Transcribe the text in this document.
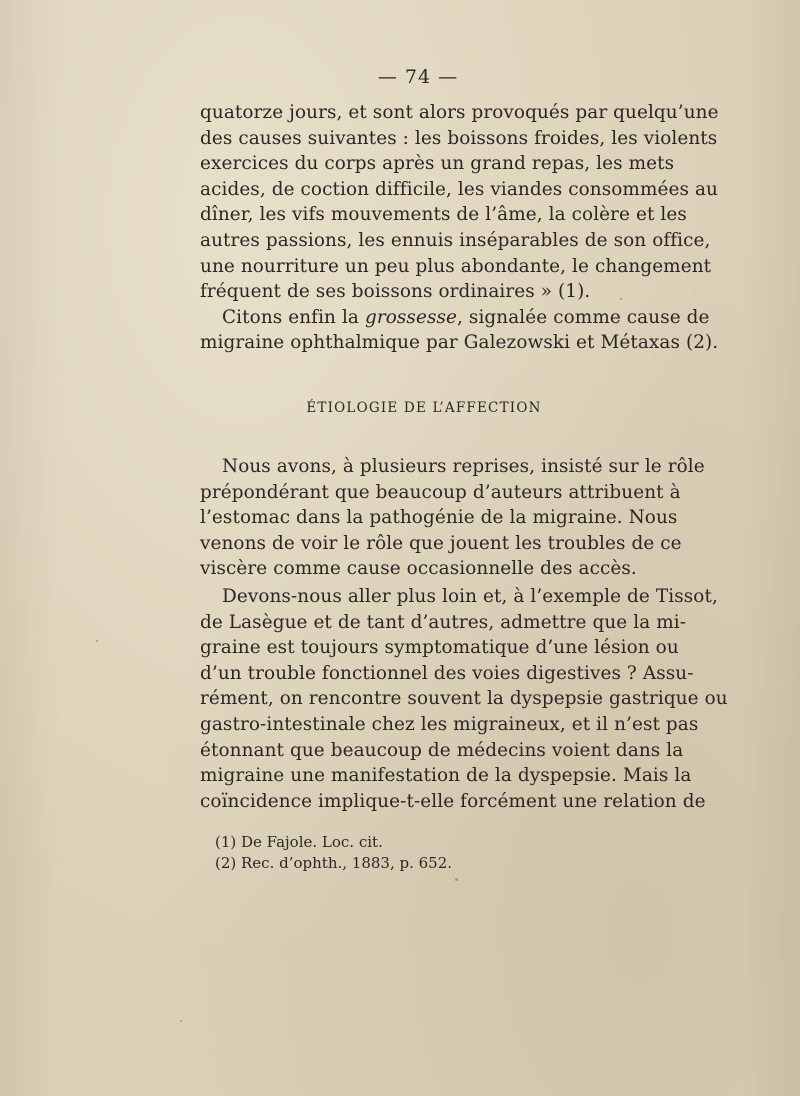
— 74 —
quatorze jours, et sont alors provoqués par quelqu’une
des causes suivantes : les boissons froides, les violents
exercices du corps après un grand repas, les mets
acides, de coction difficile, les viandes consommées au
dîner, les vifs mouvements de l’âme, la colère et les
autres passions, les ennuis inséparables de son office,
une nourriture un peu plus abondante, le changement
fréquent de ses boissons ordinaires » (1).
Citons enfin la grossesse, signalée comme cause de
migraine ophthalmique par Galezowski et Métaxas (2).
ÉTIOLOGIE DE L’AFFECTION
Nous avons, à plusieurs reprises, insisté sur le rôle
prépondérant que beaucoup d’auteurs attribuent à
l’estomac dans la pathogénie de la migraine. Nous
venons de voir le rôle que jouent les troubles de ce
viscère comme cause occasionnelle des accès.
Devons-nous aller plus loin et, à l’exemple de Tissot,
de Lasègue et de tant d’autres, admettre que la mi-
graine est toujours symptomatique d’une lésion ou
d’un trouble fonctionnel des voies digestives ? Assu-
rément, on rencontre souvent la dyspepsie gastrique ou
gastro-intestinale chez les migraineux, et il n’est pas
étonnant que beaucoup de médecins voient dans la
migraine une manifestation de la dyspepsie. Mais la
coïncidence implique-t-elle forcément une relation de
(1) De Fajole. Loc. cit.
(2) Rec. d’ophth., 1883, p. 652.
